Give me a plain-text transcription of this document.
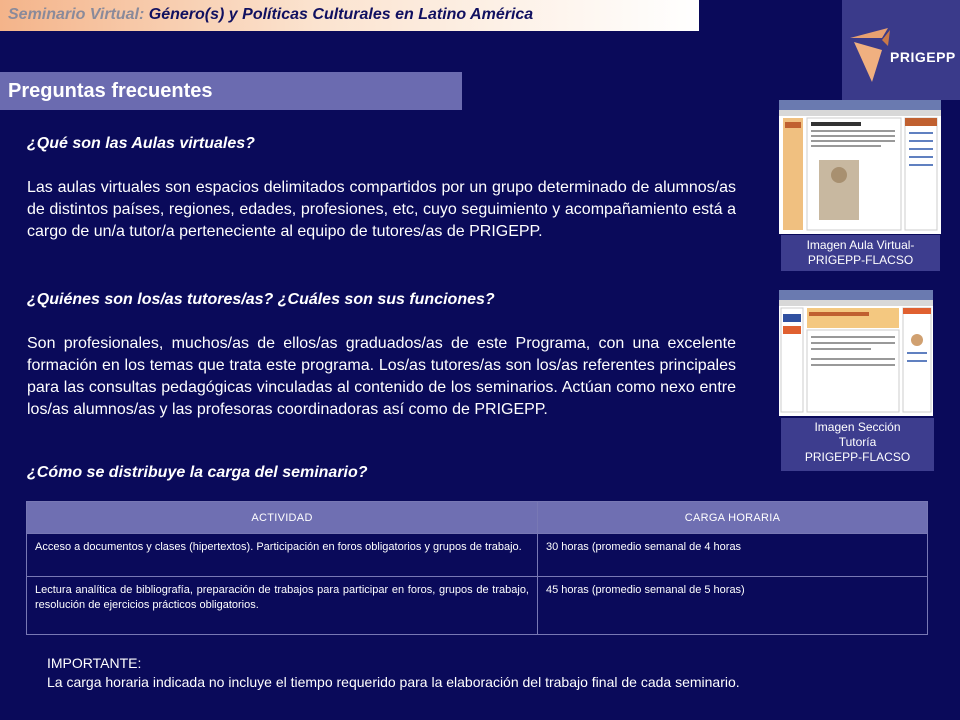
Seminario Virtual: Género(s) y Políticas Culturales en Latino América
PRIGEPP
Preguntas frecuentes
¿Qué son las Aulas virtuales?
Las aulas virtuales son espacios delimitados compartidos por un grupo determinado de alumnos/as de distintos países, regiones, edades, profesiones, etc, cuyo seguimiento y acompañamiento está a cargo de un/a tutor/a perteneciente al equipo de tutores/as de PRIGEPP.
¿Quiénes son los/as tutores/as? ¿Cuáles son sus funciones?
Son profesionales, muchos/as de ellos/as graduados/as de este Programa, con una excelente formación en los temas que trata este programa. Los/as tutores/as son los/as referentes principales para las consultas pedagógicas vinculadas al contenido de los seminarios. Actúan como nexo entre los/as alumnos/as y las profesoras coordinadoras así como de PRIGEPP.
¿Cómo se distribuye la carga del seminario?
Imagen Aula Virtual-
PRIGEPP-FLACSO
Imagen Sección
Tutoría
PRIGEPP-FLACSO
ACTIVIDAD	CARGA HORARIA
Acceso a documentos y clases (hipertextos). Participación en foros obligatorios y grupos de trabajo.	30 horas (promedio semanal de 4 horas
Lectura analítica de bibliografía, preparación de trabajos para participar en foros, grupos de trabajo, resolución de ejercicios prácticos obligatorios.	45 horas (promedio semanal de 5 horas)
IMPORTANTE:
La carga horaria indicada no incluye el tiempo requerido para la elaboración del trabajo final de cada seminario.
